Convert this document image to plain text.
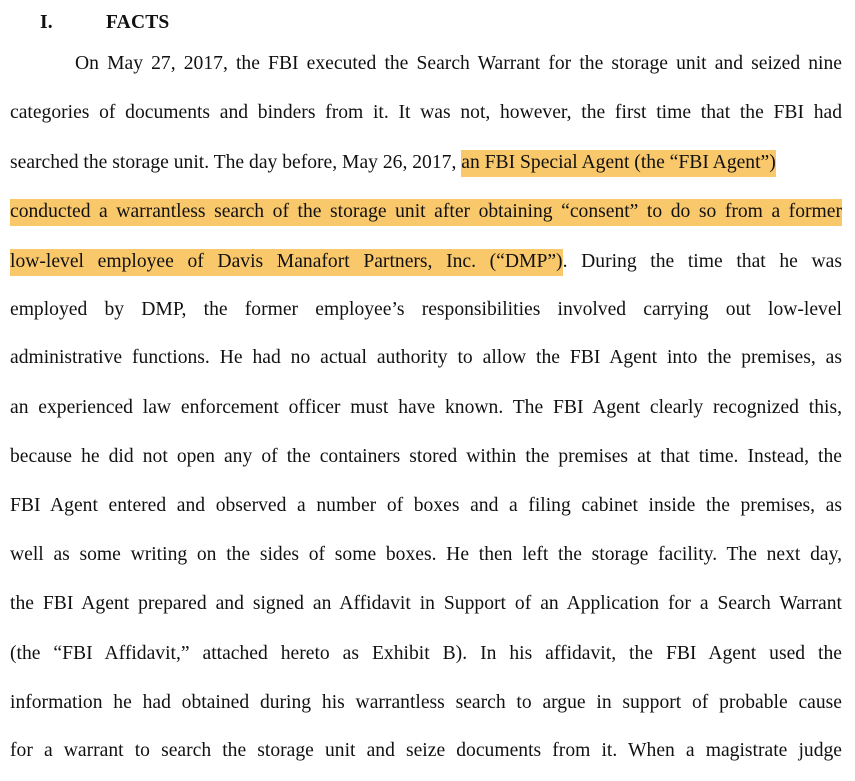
I.	FACTS
On May 27, 2017, the FBI executed the Search Warrant for the storage unit and seized nine
categories of documents and binders from it. It was not, however, the first time that the FBI had
searched the storage unit. The day before, May 26, 2017, an FBI Special Agent (the “FBI Agent”)
conducted a warrantless search of the storage unit after obtaining “consent” to do so from a former
low-level employee of Davis Manafort Partners, Inc. (“DMP”). During the time that he was
employed by DMP, the former employee’s responsibilities involved carrying out low-level
administrative functions. He had no actual authority to allow the FBI Agent into the premises, as
an experienced law enforcement officer must have known. The FBI Agent clearly recognized this,
because he did not open any of the containers stored within the premises at that time. Instead, the
FBI Agent entered and observed a number of boxes and a filing cabinet inside the premises, as
well as some writing on the sides of some boxes. He then left the storage facility. The next day,
the FBI Agent prepared and signed an Affidavit in Support of an Application for a Search Warrant
(the “FBI Affidavit,” attached hereto as Exhibit B). In his affidavit, the FBI Agent used the
information he had obtained during his warrantless search to argue in support of probable cause
for a warrant to search the storage unit and seize documents from it. When a magistrate judge
